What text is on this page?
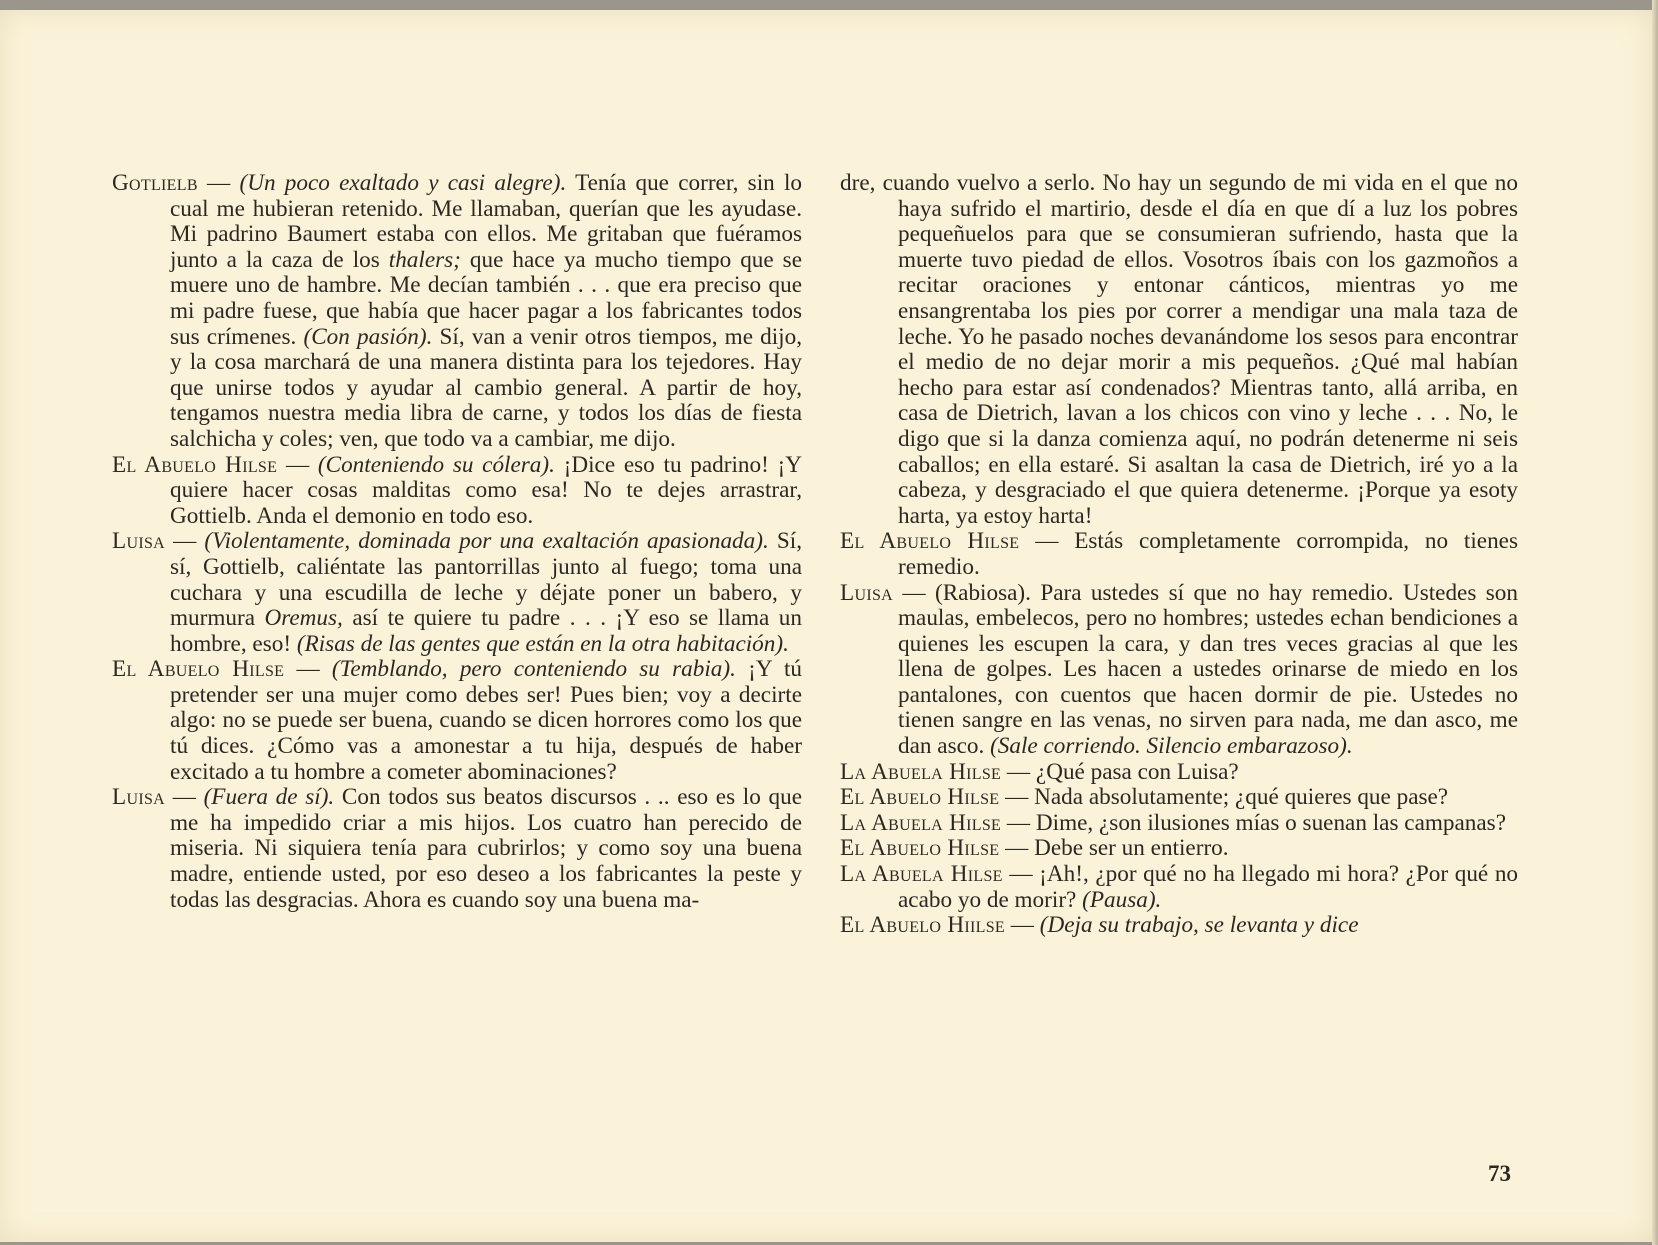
Gotlielb — (Un poco exaltado y casi alegre). Tenía que correr, sin lo cual me hubieran retenido. Me llamaban, querían que les ayudase. Mi padrino Baumert estaba con ellos. Me gritaban que fuéramos junto a la caza de los thalers; que hace ya mucho tiempo que se muere uno de hambre. Me decían también . . . que era preciso que mi padre fuese, que había que hacer pagar a los fabricantes todos sus crímenes. (Con pasión). Sí, van a venir otros tiempos, me dijo, y la cosa marchará de una manera distinta para los tejedores. Hay que unirse todos y ayudar al cambio general. A partir de hoy, tengamos nuestra media libra de carne, y todos los días de fiesta salchicha y coles; ven, que todo va a cambiar, me dijo.

El Abuelo Hilse — (Conteniendo su cólera). ¡Dice eso tu padrino! ¡Y quiere hacer cosas malditas como esa! No te dejes arrastrar, Gottielb. Anda el demonio en todo eso.

Luisa — (Violentamente, dominada por una exaltación apasionada). Sí, sí, Gottielb, caliéntate las pantorrillas junto al fuego; toma una cuchara y una escudilla de leche y déjate poner un babero, y murmura Oremus, así te quiere tu padre . . . ¡Y eso se llama un hombre, eso! (Risas de las gentes que están en la otra habitación).

El Abuelo Hilse — (Temblando, pero conteniendo su rabia). ¡Y tú pretender ser una mujer como debes ser! Pues bien; voy a decirte algo: no se puede ser buena, cuando se dicen horrores como los que tú dices. ¿Cómo vas a amonestar a tu hija, después de haber excitado a tu hombre a cometer abominaciones?

Luisa — (Fuera de sí). Con todos sus beatos discursos . .. eso es lo que me ha impedido criar a mis hijos. Los cuatro han perecido de miseria. Ni siquiera tenía para cubrirlos; y como soy una buena madre, entiende usted, por eso deseo a los fabricantes la peste y todas las desgracias. Ahora es cuando soy una buena ma-

dre, cuando vuelvo a serlo. No hay un segundo de mi vida en el que no haya sufrido el martirio, desde el día en que dí a luz los pobres pequeñuelos para que se consumieran sufriendo, hasta que la muerte tuvo piedad de ellos. Vosotros íbais con los gazmoños a recitar oraciones y entonar cánticos, mientras yo me ensangrentaba los pies por correr a mendigar una mala taza de leche. Yo he pasado noches devanándome los sesos para encontrar el medio de no dejar morir a mis pequeños. ¿Qué mal habían hecho para estar así condenados? Mientras tanto, allá arriba, en casa de Dietrich, lavan a los chicos con vino y leche . . . No, le digo que si la danza comienza aquí, no podrán detenerme ni seis caballos; en ella estaré. Si asaltan la casa de Dietrich, iré yo a la cabeza, y desgraciado el que quiera detenerme. ¡Porque ya esoty harta, ya estoy harta!

El Abuelo Hilse — Estás completamente corrompida, no tienes remedio.

Luisa — (Rabiosa). Para ustedes sí que no hay remedio. Ustedes son maulas, embelecos, pero no hombres; ustedes echan bendiciones a quienes les escupen la cara, y dan tres veces gracias al que les llena de golpes. Les hacen a ustedes orinarse de miedo en los pantalones, con cuentos que hacen dormir de pie. Ustedes no tienen sangre en las venas, no sirven para nada, me dan asco, me dan asco. (Sale corriendo. Silencio embarazoso).

La Abuela Hilse — ¿Qué pasa con Luisa?

El Abuelo Hilse — Nada absolutamente; ¿qué quieres que pase?

La Abuela Hilse — Dime, ¿son ilusiones mías o suenan las campanas?

El Abuelo Hilse — Debe ser un entierro.

La Abuela Hilse — ¡Ah!, ¿por qué no ha llegado mi hora? ¿Por qué no acabo yo de morir? (Pausa).

El Abuelo Hiilse — (Deja su trabajo, se levanta y dice

73
